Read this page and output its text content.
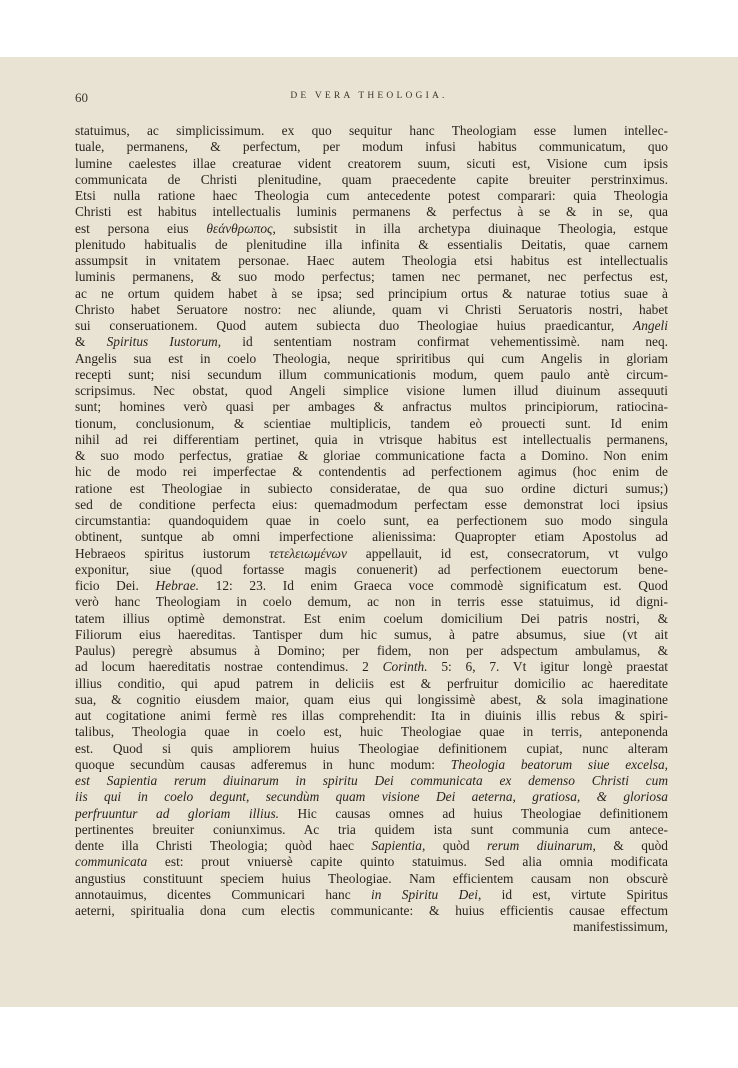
60	DE VERA THEOLOGIA.
statuimus, ac simplicissimum. ex quo sequitur hanc Theologiam esse lumen intellec-
tuale, permanens, & perfectum, per modum infusi habitus communicatum, quo
lumine caelestes illae creaturae vident creatorem suum, sicuti est, Visione cum ipsis
communicata de Christi plenitudine, quam praecedente capite breuiter perstrinximus.
Etsi nulla ratione haec Theologia cum antecedente potest comparari: quia Theologia
Christi est habitus intellectualis luminis permanens & perfectus à se & in se, qua
est persona eius θεάνθρωπος, subsistit in illa archetypa diuinaque Theologia, estque
plenitudo habitualis de plenitudine illa infinita & essentialis Deitatis, quae carnem
assumpsit in vnitatem personae. Haec autem Theologia etsi habitus est intellectualis
luminis permanens, & suo modo perfectus; tamen nec permanet, nec perfectus est,
ac ne ortum quidem habet à se ipsa; sed principium ortus & naturae totius suae à
Christo habet Seruatore nostro: nec aliunde, quam vi Christi Seruatoris nostri, habet
sui conseruationem. Quod autem subiecta duo Theologiae huius praedicantur, Angeli
& Spiritus Iustorum, id sententiam nostram confirmat vehementissimè. nam neq.
Angelis sua est in coelo Theologia, neque spriritibus qui cum Angelis in gloriam
recepti sunt; nisi secundum illum communicationis modum, quem paulo antè circum-
scripsimus. Nec obstat, quod Angeli simplice visione lumen illud diuinum assequuti
sunt; homines verò quasi per ambages & anfractus multos principiorum, ratiocina-
tionum, conclusionum, & scientiae multiplicis, tandem eò prouecti sunt. Id enim
nihil ad rei differentiam pertinet, quia in vtrisque habitus est intellectualis permanens,
& suo modo perfectus, gratiae & gloriae communicatione facta a Domino. Non enim
hic de modo rei imperfectae & contendentis ad perfectionem agimus (hoc enim de
ratione est Theologiae in subiecto consideratae, de qua suo ordine dicturi sumus;)
sed de conditione perfecta eius: quemadmodum perfectam esse demonstrat loci ipsius
circumstantia: quandoquidem quae in coelo sunt, ea perfectionem suo modo singula
obtinent, suntque ab omni imperfectione alienissima: Quapropter etiam Apostolus ad
Hebraeos spiritus iustorum τετελειωμένων appellauit, id est, consecratorum, vt vulgo
exponitur, siue (quod fortasse magis conuenerit) ad perfectionem euectorum bene-
ficio Dei. Hebrae. 12: 23. Id enim Graeca voce commodè significatum est. Quod
verò hanc Theologiam in coelo demum, ac non in terris esse statuimus, id digni-
tatem illius optimè demonstrat. Est enim coelum domicilium Dei patris nostri, &
Filiorum eius haereditas. Tantisper dum hic sumus, à patre absumus, siue (vt ait
Paulus) peregrè absumus à Domino; per fidem, non per adspectum ambulamus, &
ad locum haereditatis nostrae contendimus. 2 Corinth. 5: 6, 7. Vt igitur longè praestat
illius conditio, qui apud patrem in deliciis est & perfruitur domicilio ac haereditate
sua, & cognitio eiusdem maior, quam eius qui longissimè abest, & sola imaginatione
aut cogitatione animi fermè res illas comprehendit: Ita in diuinis illis rebus & spiri-
talibus, Theologia quae in coelo est, huic Theologiae quae in terris, anteponenda
est. Quod si quis ampliorem huius Theologiae definitionem cupiat, nunc alteram
quoque secundùm causas adferemus in hunc modum: Theologia beatorum siue excelsa,
est Sapientia rerum diuinarum in spiritu Dei communicata ex demenso Christi cum
iis qui in coelo degunt, secundùm quam visione Dei aeterna, gratiosa, & gloriosa
perfruuntur ad gloriam illius. Hic causas omnes ad huius Theologiae definitionem
pertinentes breuiter coniunximus. Ac tria quidem ista sunt communia cum antece-
dente illa Christi Theologia; quòd haec Sapientia, quòd rerum diuinarum, & quòd
communicata est: prout vniuersè capite quinto statuimus. Sed alia omnia modificata
angustius constituunt speciem huius Theologiae. Nam efficientem causam non obscurè
annotauimus, dicentes Communicari hanc in Spiritu Dei, id est, virtute Spiritus
aeterni, spiritualia dona cum electis communicante: & huius efficientis causae effectum
manifestissimum,
